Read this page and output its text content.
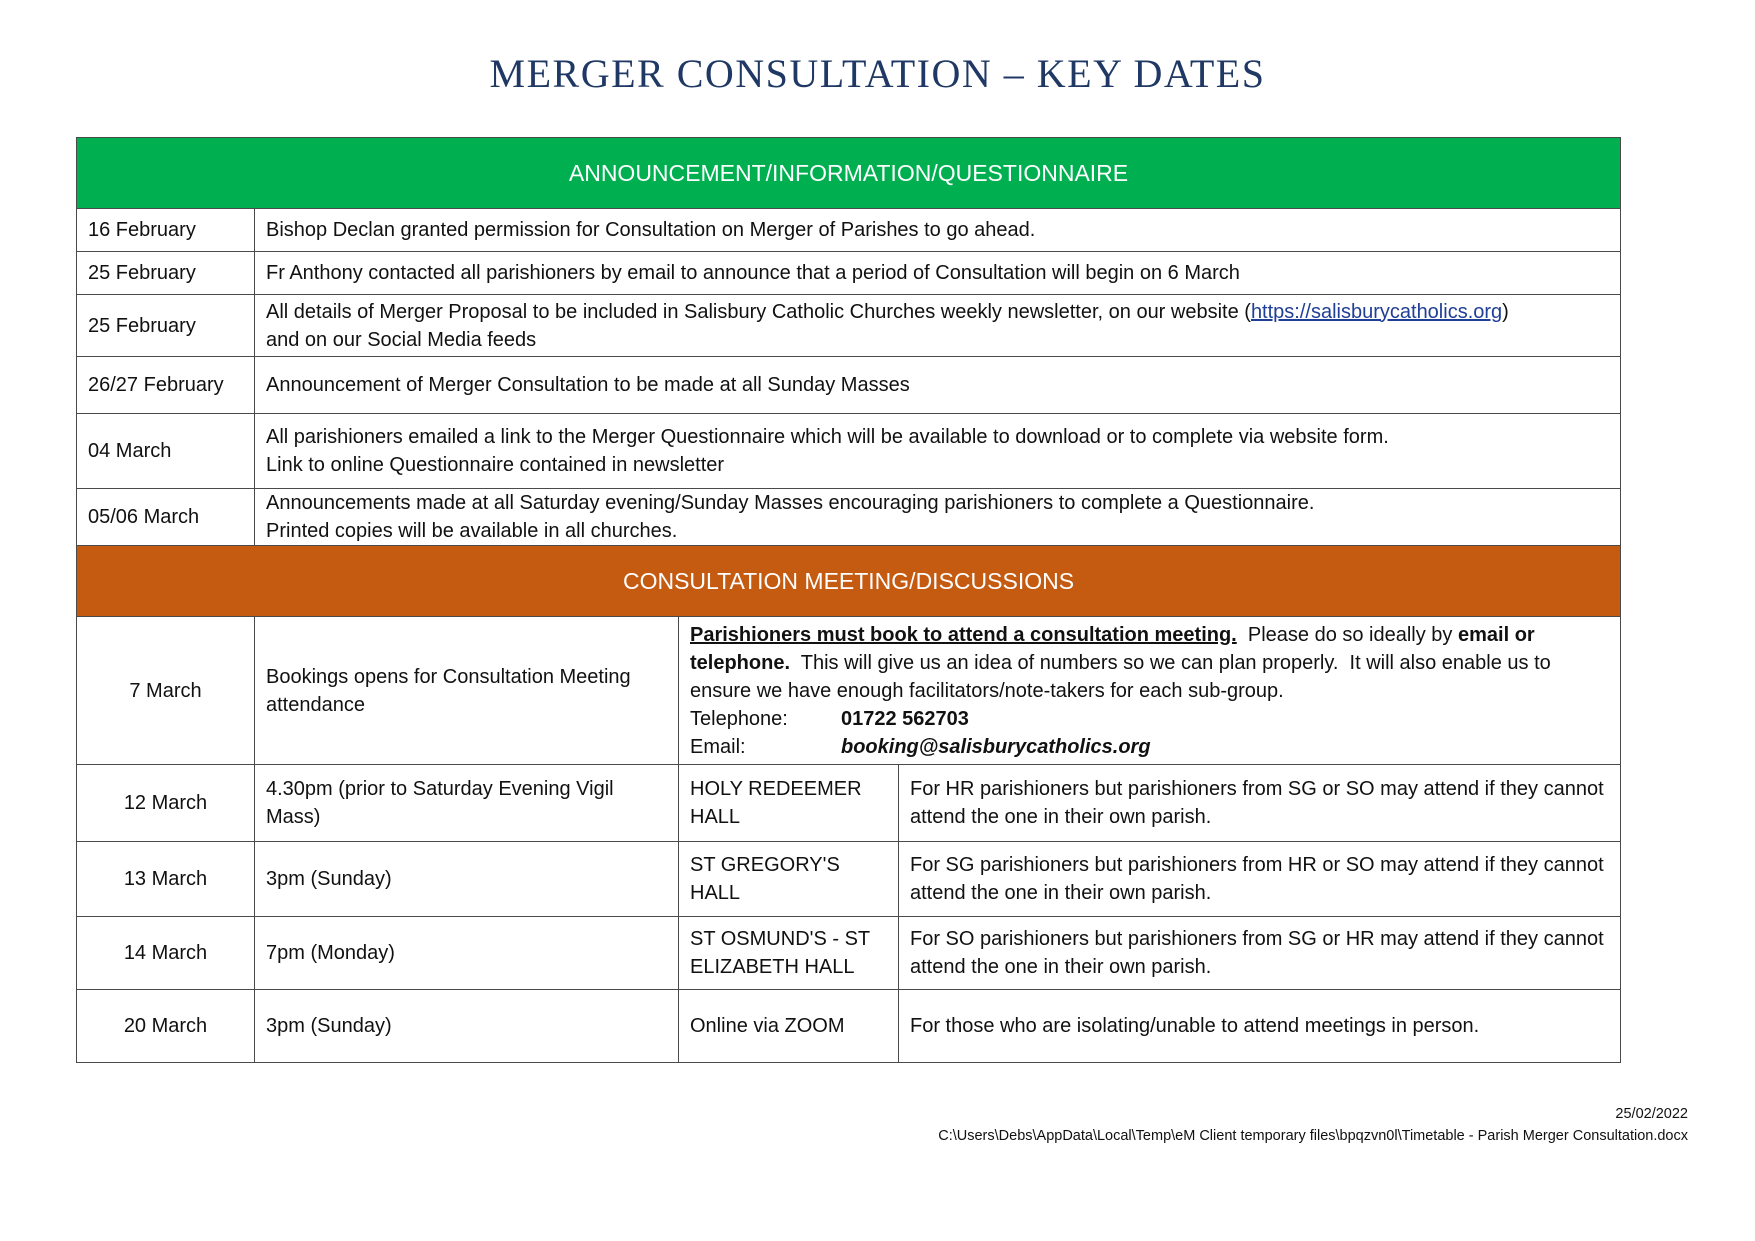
MERGER CONSULTATION – KEY DATES
ANNOUNCEMENT/INFORMATION/QUESTIONNAIRE			
16 February	Bishop Declan granted permission for Consultation on Merger of Parishes to go ahead.		
25 February	Fr Anthony contacted all parishioners by email to announce that a period of Consultation will begin on 6 March		
25 February	All details of Merger Proposal to be included in Salisbury Catholic Churches weekly newsletter, on our website (https://salisburycatholics.org)
and on our Social Media feeds		
26/27 February	Announcement of Merger Consultation to be made at all Sunday Masses		
04 March	All parishioners emailed a link to the Merger Questionnaire which will be available to download or to complete via website form.
Link to online Questionnaire contained in newsletter		
05/06 March	Announcements made at all Saturday evening/Sunday Masses encouraging parishioners to complete a Questionnaire.
Printed copies will be available in all churches.		
CONSULTATION MEETING/DISCUSSIONS			
7 March	Bookings opens for Consultation Meeting attendance	Parishioners must book to attend a consultation meeting.  Please do so ideally by email or telephone.  This will give us an idea of numbers so we can plan properly.  It will also enable us to ensure we have enough facilitators/note-takers for each sub-group.
Telephone: 01722 562703
Email: booking@salisburycatholics.org	
12 March	4.30pm (prior to Saturday Evening Vigil Mass)	HOLY REDEEMER HALL	For HR parishioners but parishioners from SG or SO may attend if they cannot attend the one in their own parish.
13 March	3pm (Sunday)	ST GREGORY'S HALL	For SG parishioners but parishioners from HR or SO may attend if they cannot attend the one in their own parish.
14 March	7pm (Monday)	ST OSMUND'S - ST ELIZABETH HALL	For SO parishioners but parishioners from SG or HR may attend if they cannot attend the one in their own parish.
20 March	3pm (Sunday)	Online via ZOOM	For those who are isolating/unable to attend meetings in person.
25/02/2022
C:\Users\Debs\AppData\Local\Temp\eM Client temporary files\bpqzvn0l\Timetable - Parish Merger Consultation.docx
